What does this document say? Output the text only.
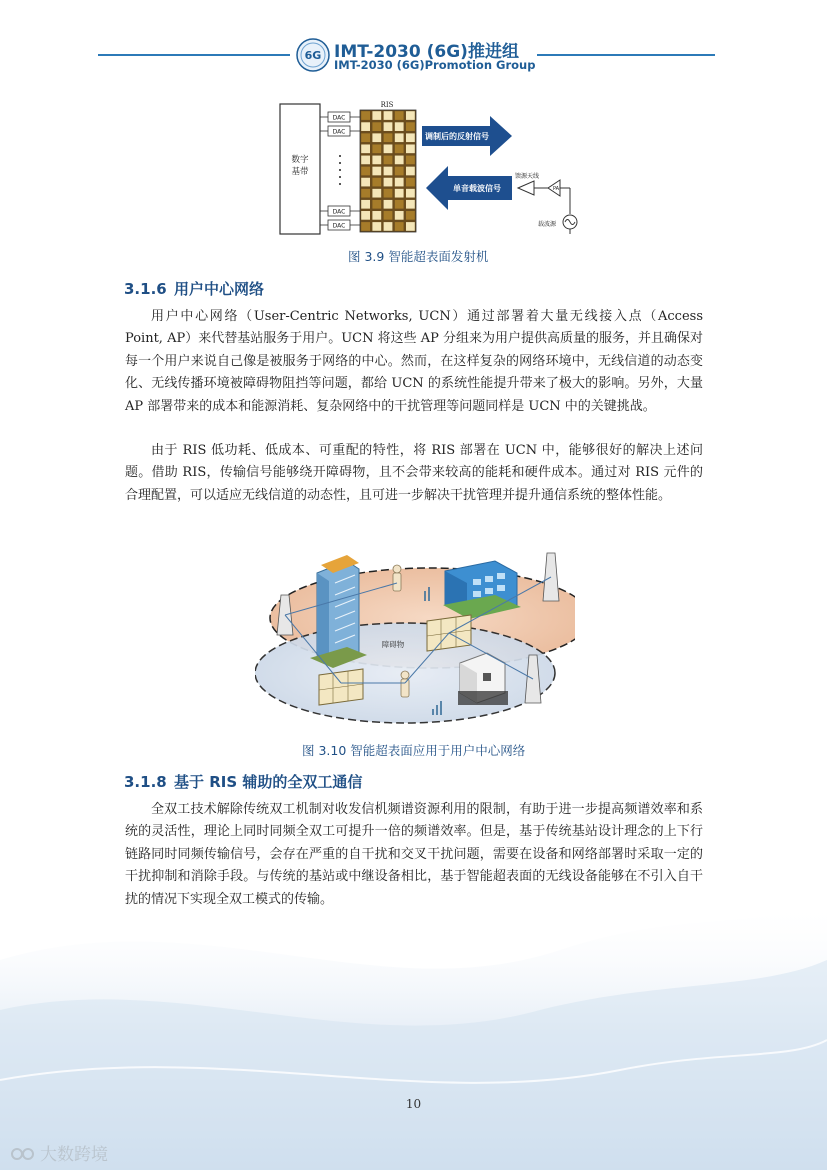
6G IMT-2030 (6G)推进组
IMT-2030 (6G)Promotion Group
数字
基带
DAC
DAC
DAC
DAC
RIS
调制后的反射信号
单音载波信号
馈源天线
PA
载波源
图 3.9 智能超表面发射机
3.1.6 用户中心网络
用户中心网络（User-Centric Networks, UCN）通过部署着大量无线接入点（Access Point, AP）来代替基站服务于用户。UCN 将这些 AP 分组来为用户提供高质量的服务，并且确保对每一个用户来说自己像是被服务于网络的中心。然而，在这样复杂的网络环境中，无线信道的动态变化、无线传播环境被障碍物阻挡等问题，都给 UCN 的系统性能提升带来了极大的影响。另外，大量 AP 部署带来的成本和能源消耗、复杂网络中的干扰管理等问题同样是 UCN 中的关键挑战。
由于 RIS 低功耗、低成本、可重配的特性，将 RIS 部署在 UCN 中，能够很好的解决上述问题。借助 RIS，传输信号能够绕开障碍物，且不会带来较高的能耗和硬件成本。通过对 RIS 元件的合理配置，可以适应无线信道的动态性，且可进一步解决干扰管理并提升通信系统的整体性能。
障碍物
图 3.10 智能超表面应用于用户中心网络
3.1.8 基于 RIS 辅助的全双工通信
全双工技术解除传统双工机制对收发信机频谱资源利用的限制，有助于进一步提高频谱效率和系统的灵活性，理论上同时同频全双工可提升一倍的频谱效率。但是，基于传统基站设计理念的上下行链路同时同频传输信号，会存在严重的自干扰和交叉干扰问题，需要在设备和网络部署时采取一定的干扰抑制和消除手段。与传统的基站或中继设备相比，基于智能超表面的无线设备能够在不引入自干扰的情况下实现全双工模式的传输。
10
大数跨境
